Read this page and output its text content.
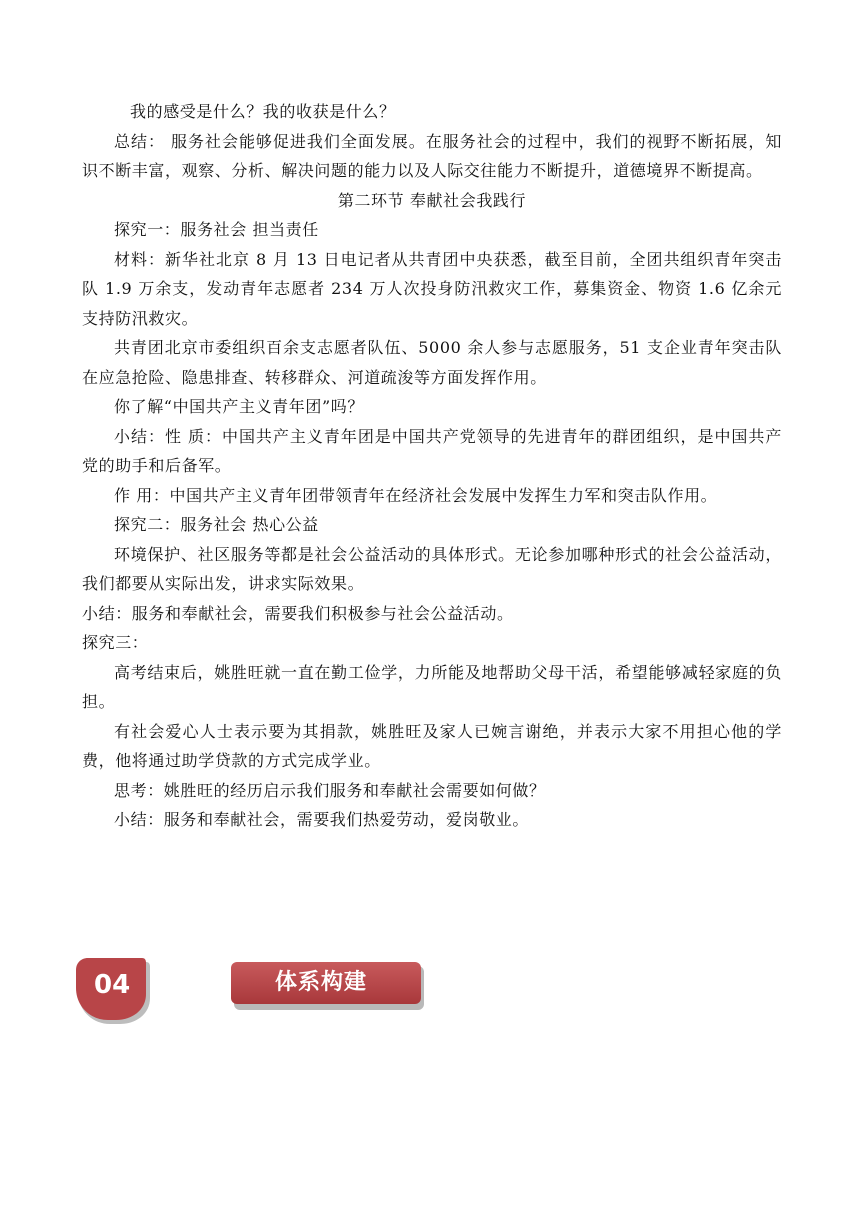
我的感受是什么？我的收获是什么？

总结： 服务社会能够促进我们全面发展。在服务社会的过程中，我们的视野不断拓展，知识不断丰富，观察、分析、解决问题的能力以及人际交往能力不断提升，道德境界不断提高。

第二环节 奉献社会我践行

探究一：服务社会 担当责任

材料：新华社北京 8 月 13 日电记者从共青团中央获悉，截至目前，全团共组织青年突击队 1.9 万余支，发动青年志愿者 234 万人次投身防汛救灾工作，募集资金、物资 1.6 亿余元支持防汛救灾。

共青团北京市委组织百余支志愿者队伍、5000 余人参与志愿服务，51 支企业青年突击队在应急抢险、隐患排查、转移群众、河道疏浚等方面发挥作用。

你了解“中国共产主义青年团”吗？

小结：性 质：中国共产主义青年团是中国共产党领导的先进青年的群团组织，是中国共产党的助手和后备军。

作 用：中国共产主义青年团带领青年在经济社会发展中发挥生力军和突击队作用。

探究二：服务社会 热心公益

环境保护、社区服务等都是社会公益活动的具体形式。无论参加哪种形式的社会公益活动，我们都要从实际出发，讲求实际效果。

小结：服务和奉献社会，需要我们积极参与社会公益活动。

探究三：

高考结束后，姚胜旺就一直在勤工俭学，力所能及地帮助父母干活，希望能够减轻家庭的负担。

有社会爱心人士表示要为其捐款，姚胜旺及家人已婉言谢绝，并表示大家不用担心他的学费，他将通过助学贷款的方式完成学业。

思考：姚胜旺的经历启示我们服务和奉献社会需要如何做？

小结：服务和奉献社会，需要我们热爱劳动，爱岗敬业。

体系构建
04
